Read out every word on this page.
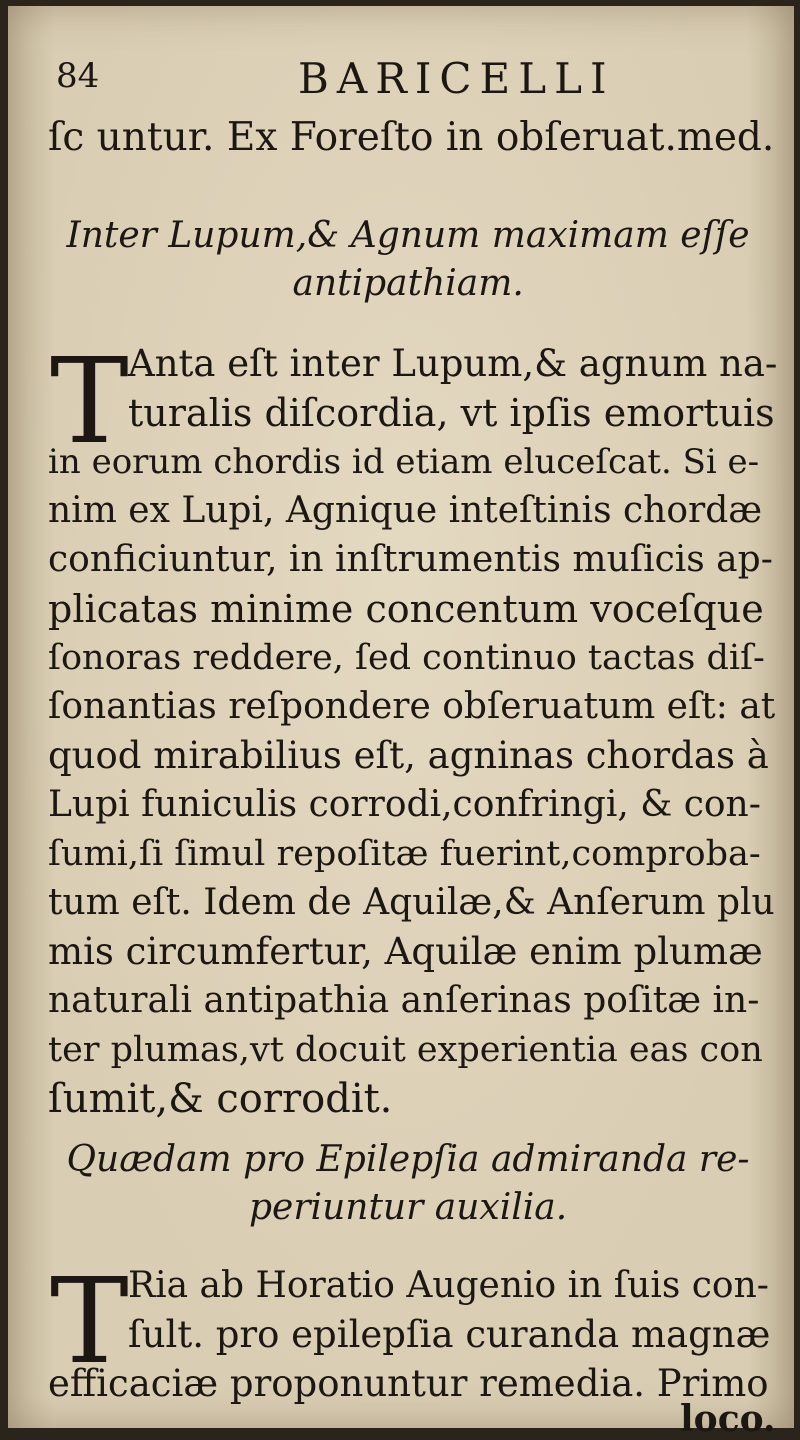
84	BARICELLI
ſc untur. Ex Foreſto in obſeruat.med.
Inter Lupum,& Agnum maximam eſſe
antipathiam.
T Anta eſt inter Lupum,& agnum na-
turalis diſcordia, vt ipſis emortuis
in eorum chordis id etiam eluceſcat. Si e-
nim ex Lupi, Agnique inteſtinis chordæ
conficiuntur, in inſtrumentis muſicis ap-
plicatas minime concentum voceſque
ſonoras reddere, ſed continuo tactas diſ-
ſonantias reſpondere obſeruatum eſt: at
quod mirabilius eſt, agninas chordas à
Lupi funiculis corrodi,confringi, & con-
ſumi,ſi ſimul repoſitæ fuerint,comproba-
tum eſt. Idem de Aquilæ,& Anſerum plu
mis circumfertur, Aquilæ enim plumæ
naturali antipathia anſerinas poſitæ in-
ter plumas,vt docuit experientia eas con
ſumit,& corrodit.
Quædam pro Epilepſia admiranda re-
periuntur auxilia.
T Ria ab Horatio Augenio in ſuis con-
ſult. pro epilepſia curanda magnæ
efficaciæ proponuntur remedia. Primo
loco.
